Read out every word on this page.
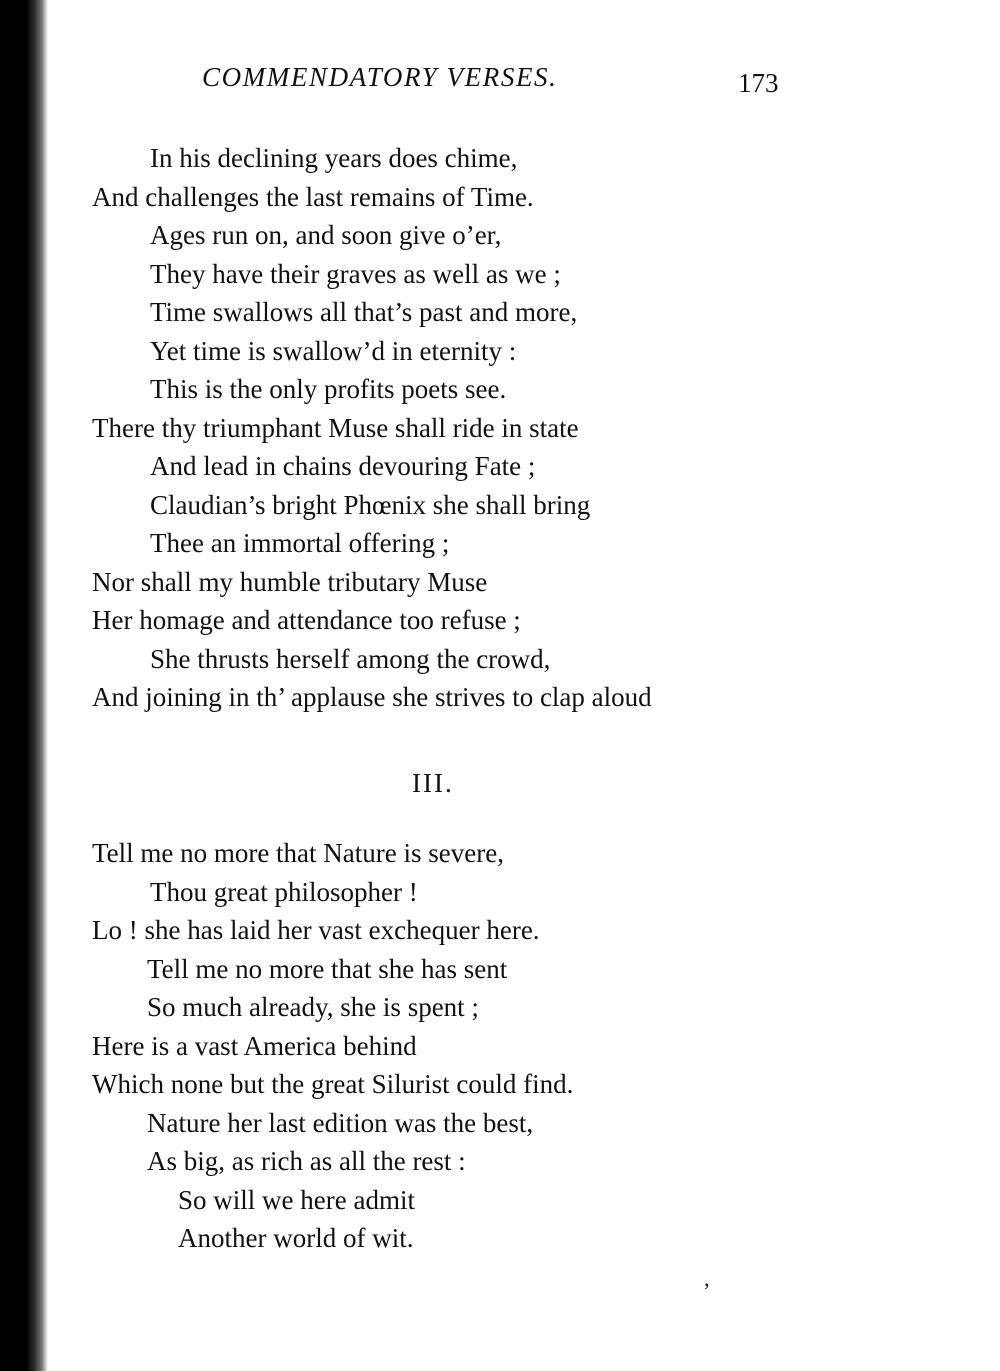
COMMENDATORY VERSES.	173
In his declining years does chime,
And challenges the last remains of Time.
Ages run on, and soon give o’er,
They have their graves as well as we ;
Time swallows all that’s past and more,
Yet time is swallow’d in eternity :
This is the only profits poets see.
There thy triumphant Muse shall ride in state
And lead in chains devouring Fate ;
Claudian’s bright Phœnix she shall bring
Thee an immortal offering ;
Nor shall my humble tributary Muse
Her homage and attendance too refuse ;
She thrusts herself among the crowd,
And joining in th’ applause she strives to clap aloud
III.
Tell me no more that Nature is severe,
Thou great philosopher !
Lo ! she has laid her vast exchequer here.
Tell me no more that she has sent
So much already, she is spent ;
Here is a vast America behind
Which none but the great Silurist could find.
Nature her last edition was the best,
As big, as rich as all the rest :
So will we here admit
Another world of wit.
‚
